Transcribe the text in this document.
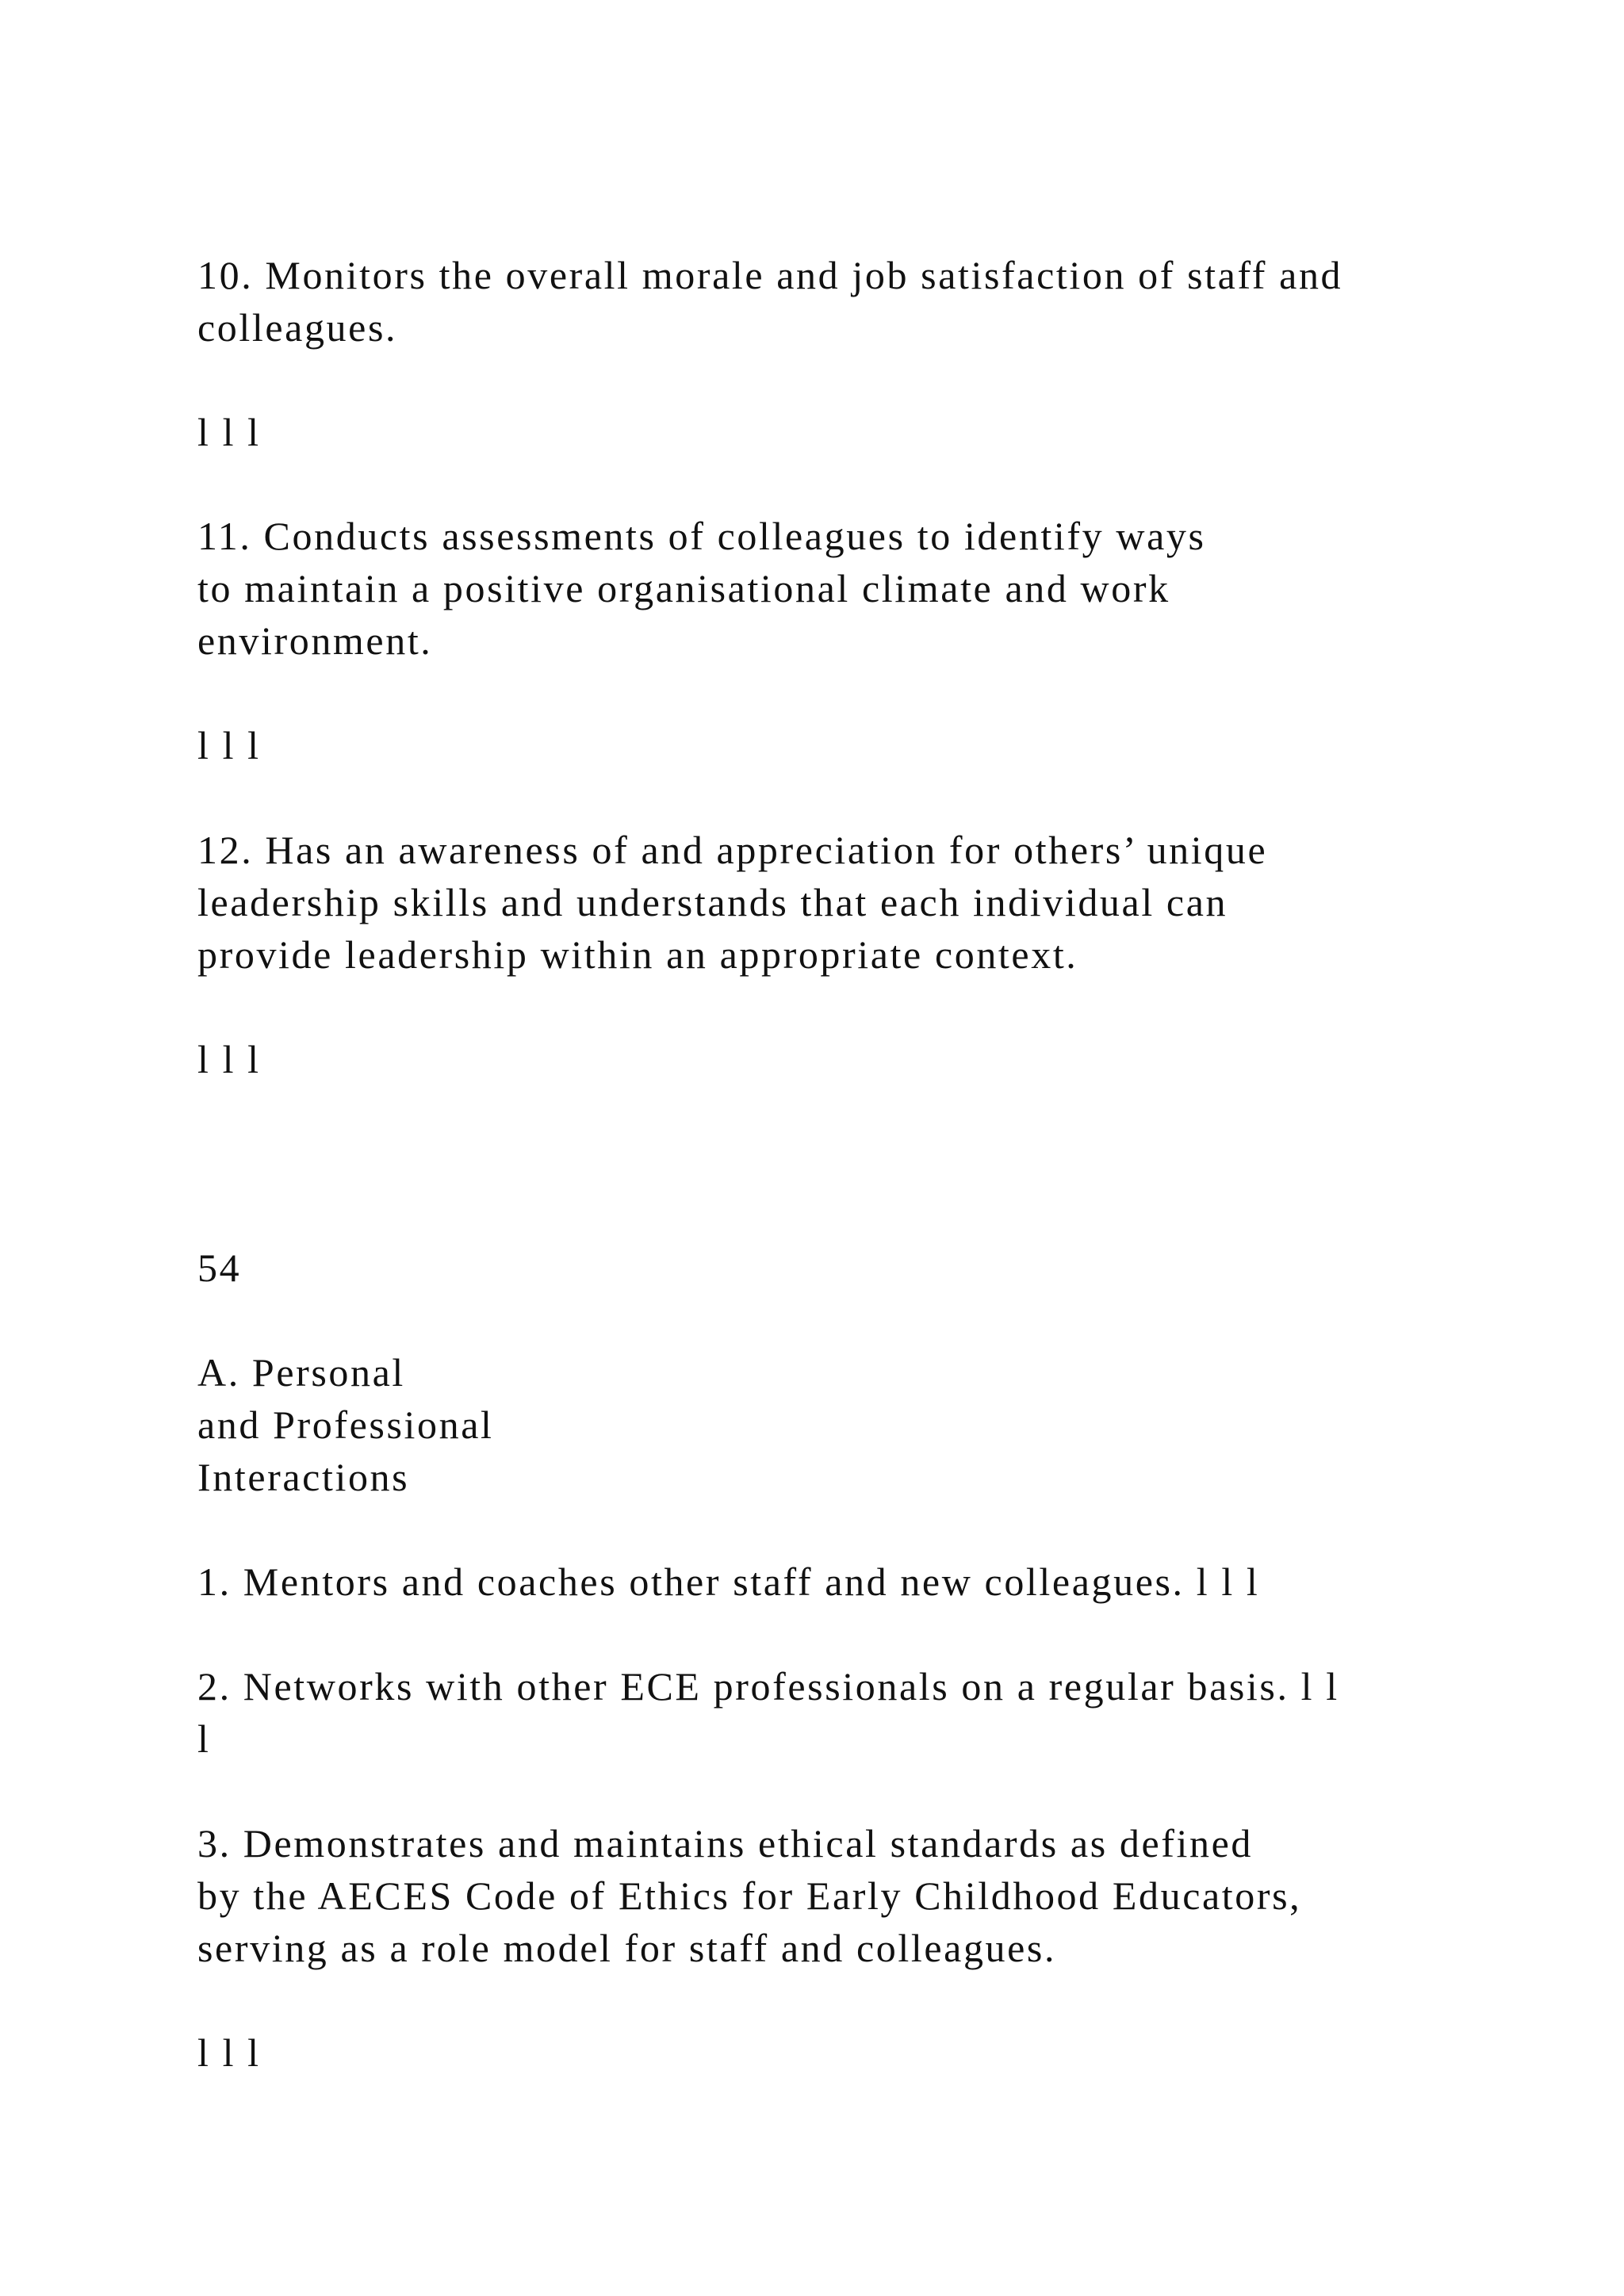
10. Monitors the overall morale and job satisfaction of staff and
colleagues.
l l l
11. Conducts assessments of colleagues to identify ways
to maintain a positive organisational climate and work
environment.
l l l
12. Has an awareness of and appreciation for others’ unique
leadership skills and understands that each individual can
provide leadership within an appropriate context.
l l l
54
A. Personal
and Professional
Interactions
1. Mentors and coaches other staff and new colleagues. l l l
2. Networks with other ECE professionals on a regular basis. l l
l
3. Demonstrates and maintains ethical standards as defined
by the AECES Code of Ethics for Early Childhood Educators,
serving as a role model for staff and colleagues.
l l l
